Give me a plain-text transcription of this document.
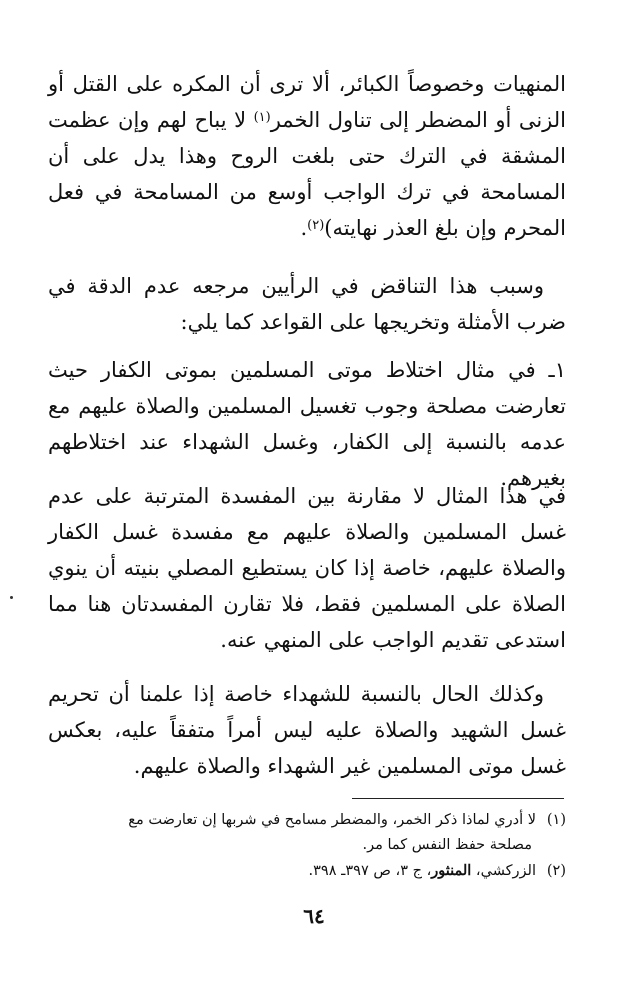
المنهيات وخصوصاً الكبائر، ألا ترى أن المكره على القتل أو الزنى أو المضطر إلى تناول الخمر$^{(١)}$ لا يباح لهم وإن عظمت المشقة في الترك حتى بلغت الروح وهذا يدل على أن المسامحة في ترك الواجب أوسع من المسامحة في فعل المحرم وإن بلغ العذر نهايته)$^{(٢)}$.
وسبب هذا التناقض في الرأيين مرجعه عدم الدقة في ضرب الأمثلة وتخريجها على القواعد كما يلي:
١ـ في مثال اختلاط موتى المسلمين بموتى الكفار حيث تعارضت مصلحة وجوب تغسيل المسلمين والصلاة عليهم مع عدمه بالنسبة إلى الكفار، وغسل الشهداء عند اختلاطهم بغيرهم.
في هذا المثال لا مقارنة بين المفسدة المترتبة على عدم غسل المسلمين والصلاة عليهم مع مفسدة غسل الكفار والصلاة عليهم، خاصة إذا كان يستطيع المصلي بنيته أن ينوي الصلاة على المسلمين فقط، فلا تقارن المفسدتان هنا مما استدعى تقديم الواجب على المنهي عنه.
وكذلك الحال بالنسبة للشهداء خاصة إذا علمنا أن تحريم غسل الشهيد والصلاة عليه ليس أمراً متفقاً عليه، بعكس غسل موتى المسلمين غير الشهداء والصلاة عليهم.

(١)لا أدري لماذا ذكر الخمر، والمضطر مسامح في شربها إن تعارضت مع

مصلحة حفظ النفس كما مر.

(٢)الزركشي، المنثور، ج ٣، ص ٣٩٧ـ ٣٩٨.

٦٤
